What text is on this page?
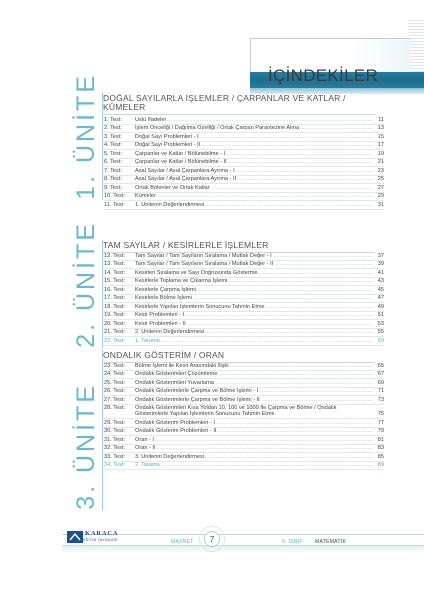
İÇİNDEKİLER
1. ÜNİTE DOĞAL SAYILARLA İŞLEMLER / ÇARPANLAR VE KATLAR /
KÜMELER
1. Test:	Üslü İfadeler .....	11
2. Test:	İşlem Önceliği / Dağılma Özelliği / Ortak Çarpan Parantezine Alma .....	13
3. Test:	Doğal Sayı Problemleri - I .....	15
4. Test:	Doğal Sayı Problemleri - II .....	17
5. Test:	Çarpanlar ve Katlar / Bölünebilme - I .....	19
6. Test:	Çarpanlar ve Katlar / Bölünebilme - II .....	21
7. Test:	Asal Sayılar / Asal Çarpanlara Ayırma - I .....	23
8. Test:	Asal Sayılar / Asal Çarpanlara Ayırma - II .....	25
9. Test:	Ortak Bölenler ve Ortak Katlar .....	27
10. Test:	Kümeler .....	29
11. Test:	1. Ünitenin Değerlendirmesi .....	31
2. ÜNİTE TAM SAYILAR / KESİRLERLE İŞLEMLER
12. Test:	Tam Sayılar / Tam Sayıların Sıralama / Mutlak Değer - I .....	37
13. Test:	Tam Sayılar / Tam Sayıların Sıralama / Mutlak Değer - II .....	39
14. Test:	Kesirleri Sıralama ve Sayı Doğrusunda Gösterme .....	41
15. Test:	Kesirlerle Toplama ve Çıkarma İşlemi .....	43
16. Test:	Kesirlerle Çarpma İşlemi .....	45
17. Test:	Kesirlerle Bölme İşlemi .....	47
18. Test:	Kesirlerle Yapılan İşlemlerin Sonucunu Tahmin Etme .....	49
19. Test:	Kesir Problemleri - I .....	51
20. Test:	Kesir Problemleri - II .....	53
21. Test:	2. Ünitenin Değerlendirmesi .....	55
22. Test:	1. Tarama .....	59
3. ÜNİTE
ONDALIK GÖSTERİM / ORAN
23. Test:	Bölme İşlemi ile Kesir Arasındaki İlişki .....	65
24. Test:	Ondalık Gösterimleri Çözümleme .....	67
25. Test:	Ondalık Gösterimleri Yuvarlama .....	69
26. Test:	Ondalık Gösterimlerle Çarpma ve Bölme İşlemi - I .....	71
27. Test:	Ondalık Gösterimlerle Çarpma ve Bölme İşlemi - II .....	73
28. Test:	Ondalık Gösterimleri Kısa Yoldan 10, 100 ve 1000 İle Çarpma ve Bölme / Ondalık Gösterimlerle Yapılan İşlemlerin Sonucunu Tahmin Etme
.....	75
29. Test:	Ondalık Gösterim Problemleri - I .....	77
30. Test:	Ondalık Gösterim Problemleri - II .....	79
31. Test:	Oran - I .....	81
32. Test:	Oran - II .....	83
33. Test:	3. Ünitenin Değerlendirmesi .....	85
34. Test:	2. Tarama .....	89
KARACA
EĞİTİM YAYINLARI	MAXNET	7	6. SINIF MATEMATİK
